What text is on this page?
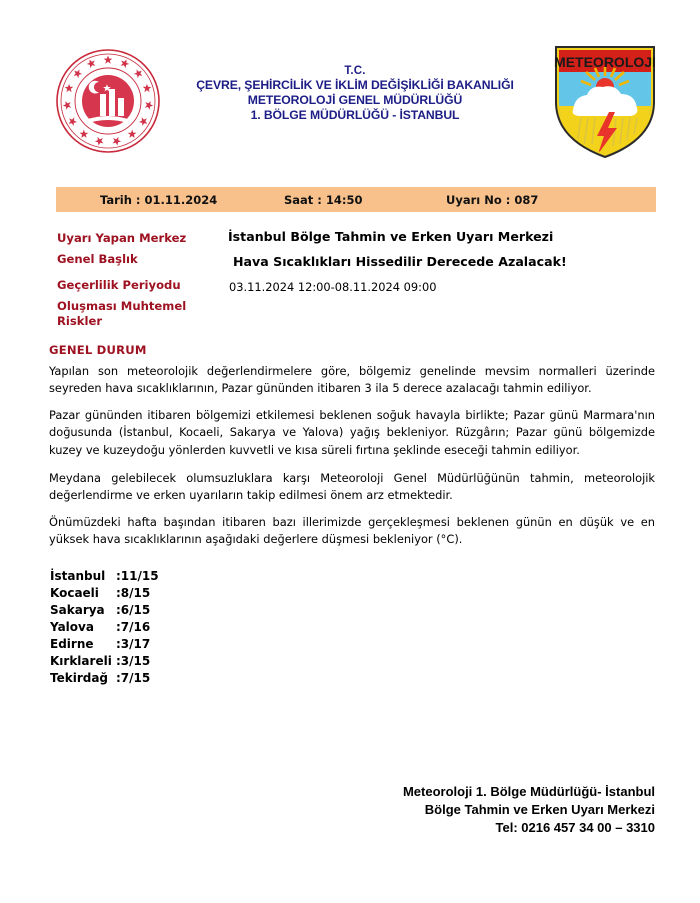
T.C.
ÇEVRE, ŞEHİRCİLİK VE İKLİM DEĞİŞİKLİĞİ BAKANLIĞI
METEOROLOJİ GENEL MÜDÜRLÜĞÜ
1. BÖLGE MÜDÜRLÜĞÜ - İSTANBUL
METEOROLOJI
Tarih : 01.11.2024	Saat : 14:50	Uyarı No : 087
Uyarı Yapan Merkez
Genel Başlık
Geçerlilik Periyodu
Oluşması Muhtemel Riskler
İstanbul Bölge Tahmin ve Erken Uyarı Merkezi
Hava Sıcaklıkları Hissedilir Derecede Azalacak!
03.11.2024 12:00-08.11.2024 09:00
GENEL DURUM
Yapılan son meteorolojik değerlendirmelere göre, bölgemiz genelinde mevsim normalleri üzerinde seyreden hava sıcaklıklarının, Pazar gününden itibaren 3 ila 5 derece azalacağı tahmin ediliyor.
Pazar gününden itibaren bölgemizi etkilemesi beklenen soğuk havayla birlikte; Pazar günü Marmara'nın doğusunda (İstanbul, Kocaeli, Sakarya ve Yalova) yağış bekleniyor. Rüzgârın; Pazar günü bölgemizde kuzey ve kuzeydoğu yönlerden kuvvetli ve kısa süreli fırtına şeklinde eseceği tahmin ediliyor.
Meydana gelebilecek olumsuzluklara karşı Meteoroloji Genel Müdürlüğünün tahmin, meteorolojik değerlendirme ve erken uyarıların takip edilmesi önem arz etmektedir.
Önümüzdeki hafta başından itibaren bazı illerimizde gerçekleşmesi beklenen günün en düşük ve en yüksek hava sıcaklıklarının aşağıdaki değerlere düşmesi bekleniyor (°C).
İstanbul :11/15
Kocaeli :8/15
Sakarya :6/15
Yalova :7/16
Edirne :3/17
Kırklareli :3/15
Tekirdağ :7/15
Meteoroloji 1. Bölge Müdürlüğü- İstanbul
Bölge Tahmin ve Erken Uyarı Merkezi
Tel: 0216 457 34 00 – 3310
